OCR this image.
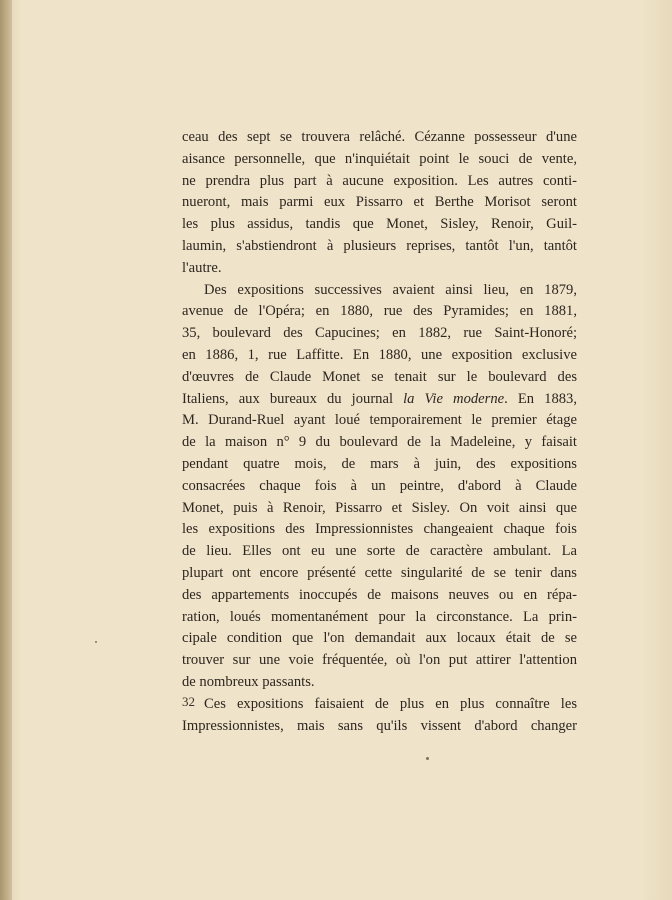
ceau des sept se trouvera relâché. Cézanne possesseur d'une

aisance personnelle, que n'inquiétait point le souci de vente,

ne prendra plus part à aucune exposition. Les autres conti-

nueront, mais parmi eux Pissarro et Berthe Morisot seront

les plus assidus, tandis que Monet, Sisley, Renoir, Guil-

laumin, s'abstiendront à plusieurs reprises, tantôt l'un, tantôt

l'autre.

Des expositions successives avaient ainsi lieu, en 1879,

avenue de l'Opéra; en 1880, rue des Pyramides; en 1881,

35, boulevard des Capucines; en 1882, rue Saint-Honoré;

en 1886, 1, rue Laffitte. En 1880, une exposition exclusive

d'œuvres de Claude Monet se tenait sur le boulevard des

Italiens, aux bureaux du journal la Vie moderne. En 1883,

M. Durand-Ruel ayant loué temporairement le premier étage

de la maison n° 9 du boulevard de la Madeleine, y faisait

pendant quatre mois, de mars à juin, des expositions

consacrées chaque fois à un peintre, d'abord à Claude

Monet, puis à Renoir, Pissarro et Sisley. On voit ainsi que

les expositions des Impressionnistes changeaient chaque fois

de lieu. Elles ont eu une sorte de caractère ambulant. La

plupart ont encore présenté cette singularité de se tenir dans

des appartements inoccupés de maisons neuves ou en répa-

ration, loués momentanément pour la circonstance. La prin-

cipale condition que l'on demandait aux locaux était de se

trouver sur une voie fréquentée, où l'on put attirer l'attention

de nombreux passants.

Ces expositions faisaient de plus en plus connaître les

Impressionnistes, mais sans qu'ils vissent d'abord changer

32
